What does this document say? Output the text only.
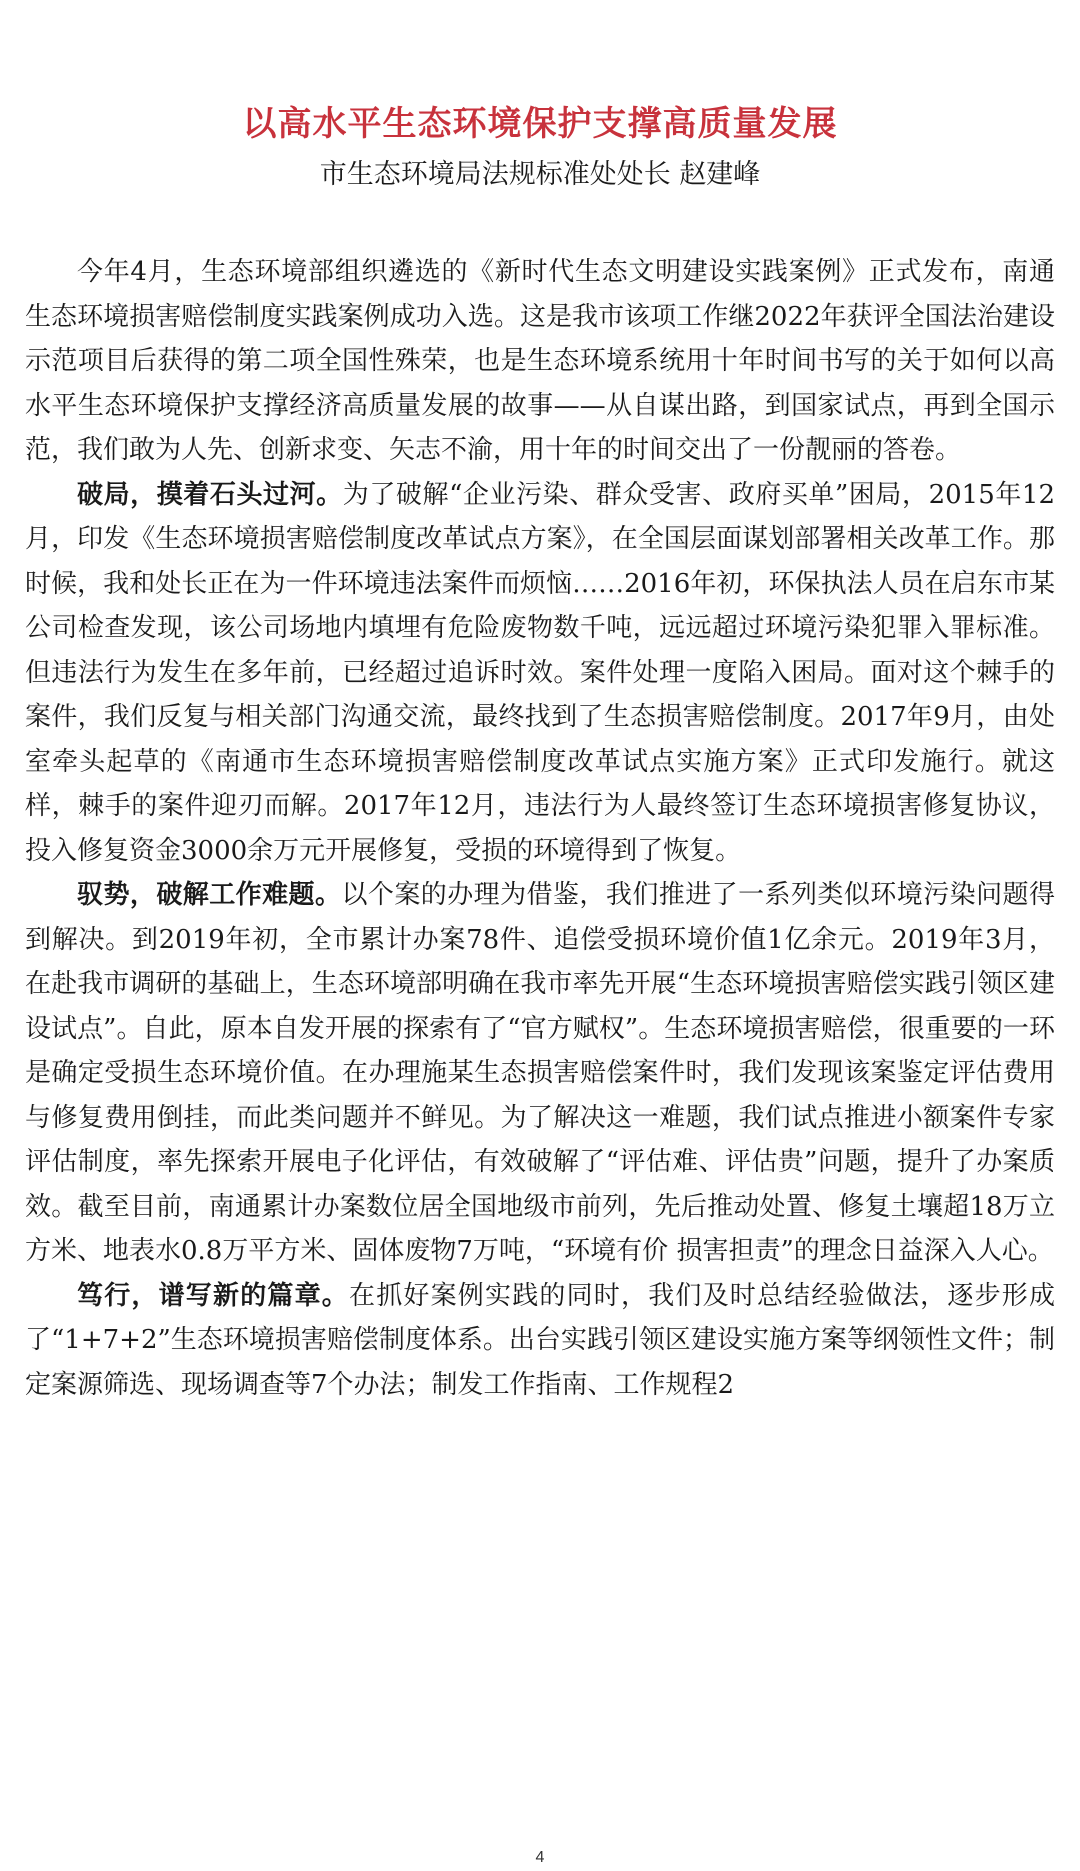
以高水平生态环境保护支撑高质量发展
市生态环境局法规标准处处长 赵建峰

今年4月，生态环境部组织遴选的《新时代生态文明建设实践案例》正式发布，南通生态环境损害赔偿制度实践案例成功入选。这是我市该项工作继2022年获评全国法治建设示范项目后获得的第二项全国性殊荣，也是生态环境系统用十年时间书写的关于如何以高水平生态环境保护支撑经济高质量发展的故事——从自谋出路，到国家试点，再到全国示范，我们敢为人先、创新求变、矢志不渝，用十年的时间交出了一份靓丽的答卷。

破局，摸着石头过河。为了破解“企业污染、群众受害、政府买单”困局，2015年12月，印发《生态环境损害赔偿制度改革试点方案》，在全国层面谋划部署相关改革工作。那时候，我和处长正在为一件环境违法案件而烦恼……2016年初，环保执法人员在启东市某公司检查发现，该公司场地内填埋有危险废物数千吨，远远超过环境污染犯罪入罪标准。但违法行为发生在多年前，已经超过追诉时效。案件处理一度陷入困局。面对这个棘手的案件，我们反复与相关部门沟通交流，最终找到了生态损害赔偿制度。2017年9月，由处室牵头起草的《南通市生态环境损害赔偿制度改革试点实施方案》正式印发施行。就这样，棘手的案件迎刃而解。2017年12月，违法行为人最终签订生态环境损害修复协议，投入修复资金3000余万元开展修复，受损的环境得到了恢复。

驭势，破解工作难题。以个案的办理为借鉴，我们推进了一系列类似环境污染问题得到解决。到2019年初，全市累计办案78件、追偿受损环境价值1亿余元。2019年3月，在赴我市调研的基础上，生态环境部明确在我市率先开展“生态环境损害赔偿实践引领区建设试点”。自此，原本自发开展的探索有了“官方赋权”。生态环境损害赔偿，很重要的一环是确定受损生态环境价值。在办理施某生态损害赔偿案件时，我们发现该案鉴定评估费用与修复费用倒挂，而此类问题并不鲜见。为了解决这一难题，我们试点推进小额案件专家评估制度，率先探索开展电子化评估，有效破解了“评估难、评估贵”问题，提升了办案质效。截至目前，南通累计办案数位居全国地级市前列，先后推动处置、修复土壤超18万立方米、地表水0.8万平方米、固体废物7万吨，“环境有价 损害担责”的理念日益深入人心。

笃行，谱写新的篇章。在抓好案例实践的同时，我们及时总结经验做法，逐步形成了“1+7+2”生态环境损害赔偿制度体系。出台实践引领区建设实施方案等纲领性文件；制定案源筛选、现场调查等7个办法；制发工作指南、工作规程2

4
